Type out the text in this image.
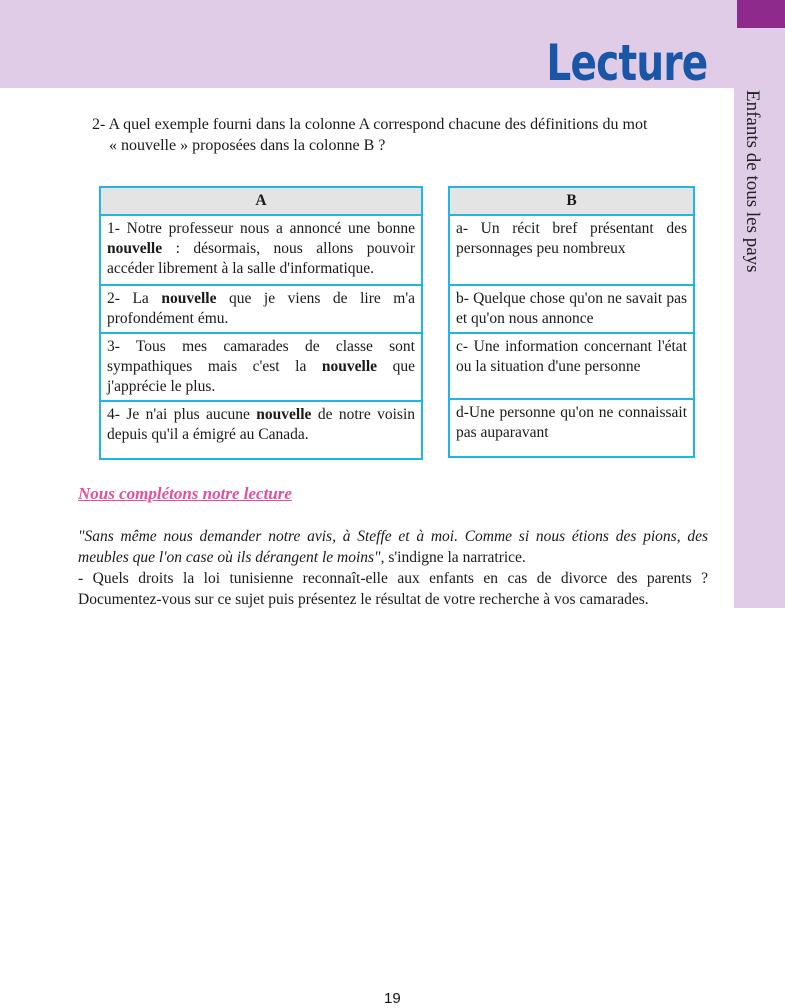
Lecture
Enfants de tous les pays
2- A quel exemple fourni dans la colonne A correspond chacune des définitions du mot
« nouvelle » proposées dans la colonne B ?
A
1- Notre professeur nous a annoncé une bonne nouvelle : désormais, nous allons pouvoir accéder librement à la salle d'informatique.
2- La nouvelle que je viens de lire m'a profondément ému.
3- Tous mes camarades de classe sont sympathiques mais c'est la nouvelle que j'apprécie le plus.
4- Je n'ai plus aucune nouvelle de notre voisin depuis qu'il a émigré au Canada.
B
a- Un récit bref présentant des personnages peu nombreux
b- Quelque chose qu'on ne savait pas et qu'on nous annonce
c- Une information concernant l'état ou la situation d'une personne
d-Une personne qu'on ne connaissait pas auparavant
Nous complétons notre lecture
"Sans même nous demander notre avis, à Steffe et à moi. Comme si nous étions des pions, des meubles que l'on case où ils dérangent le moins", s'indigne la narratrice.
- Quels droits la loi tunisienne reconnaît-elle aux enfants en cas de divorce des parents ? Documentez-vous sur ce sujet puis présentez le résultat de votre recherche à vos camarades.
19
